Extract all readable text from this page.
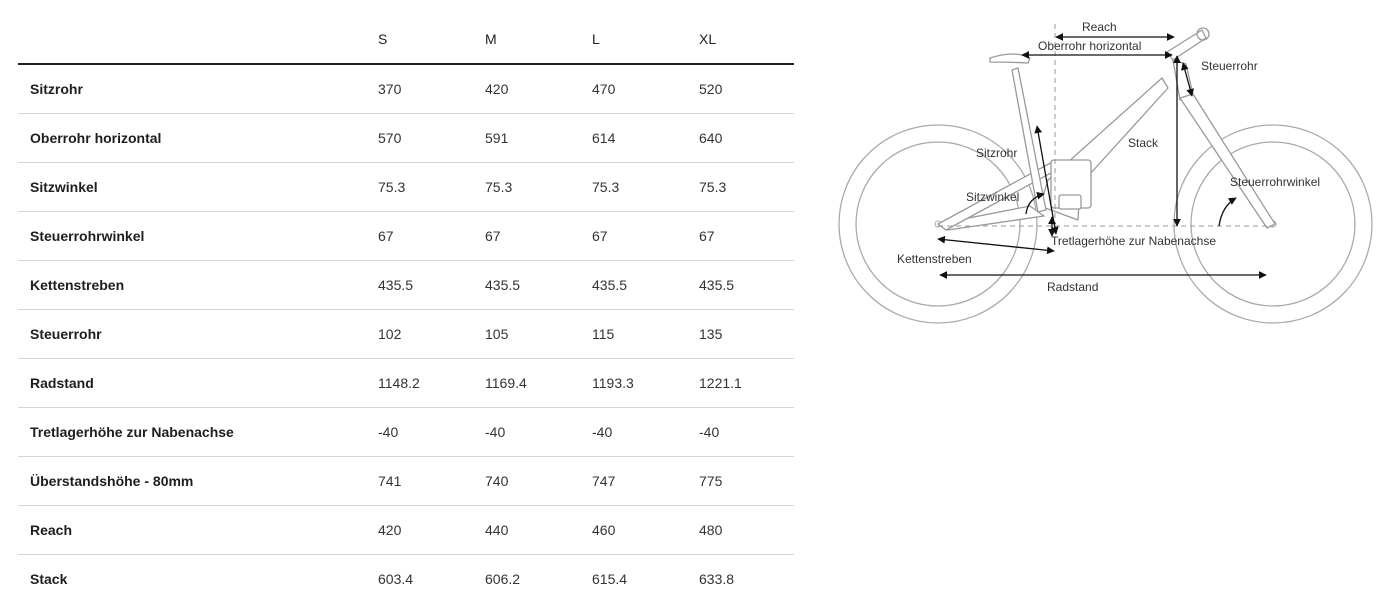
	S	M	L	XL
Sitzrohr	370	420	470	520
Oberrohr horizontal	570	591	614	640
Sitzwinkel	75.3	75.3	75.3	75.3
Steuerrohrwinkel	67	67	67	67
Kettenstreben	435.5	435.5	435.5	435.5
Steuerrohr	102	105	115	135
Radstand	1148.2	1169.4	1193.3	1221.1
Tretlagerhöhe zur Nabenachse	-40	-40	-40	-40
Überstandshöhe - 80mm	741	740	747	775
Reach	420	440	460	480
Stack	603.4	606.2	615.4	633.8
Reach
Oberrohr horizontal
Steuerrohr
Sitzrohr
Stack
Sitzwinkel
Steuerrohrwinkel
Tretlagerhöhe zur Nabenachse
Kettenstreben
Radstand
